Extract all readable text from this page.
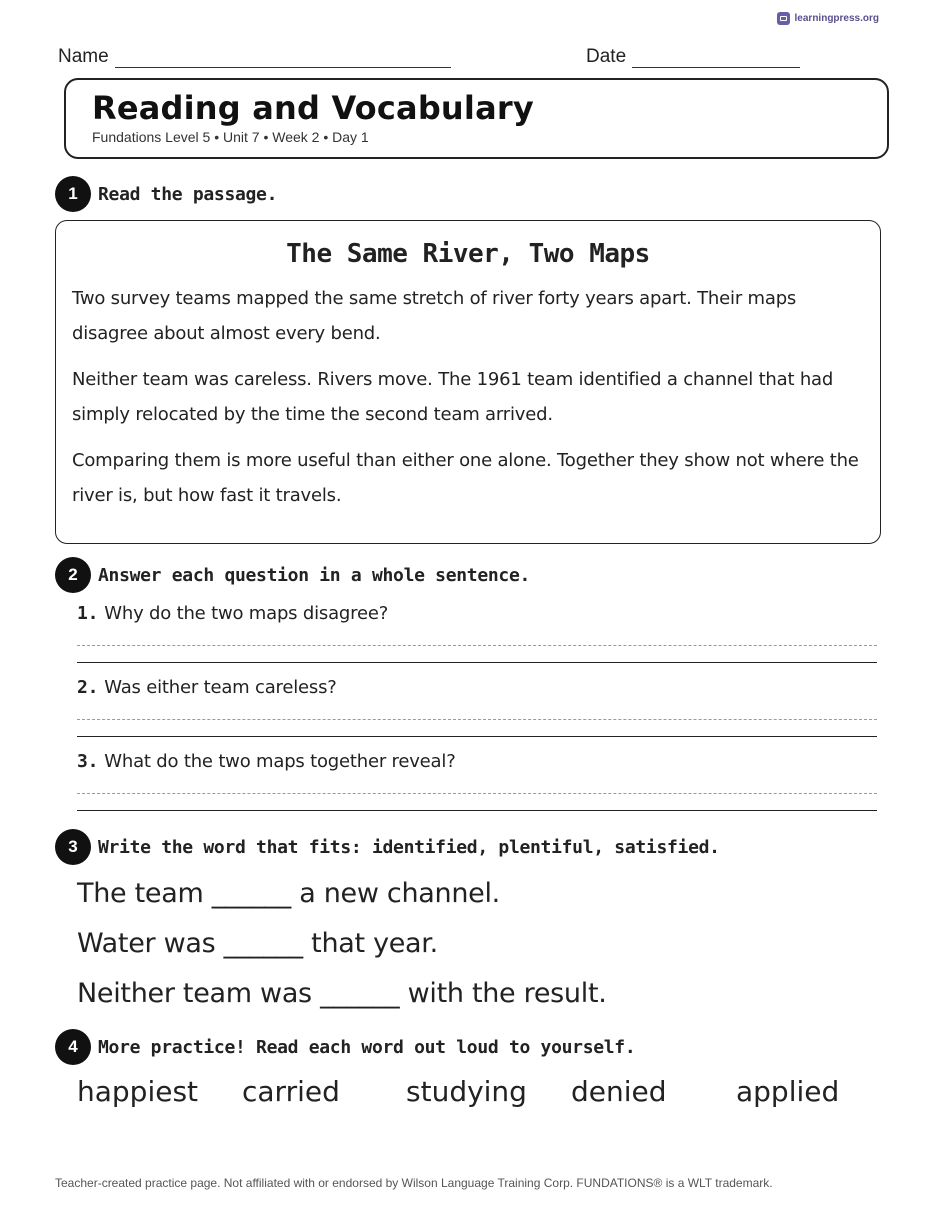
learningpress.org
Name	Date
Reading and Vocabulary
Fundations Level 5 • Unit 7 • Week 2 • Day 1
1	Read the passage.
The Same River, Two Maps

Two survey teams mapped the same stretch of river forty years apart. Their maps disagree about almost every bend.

Neither team was careless. Rivers move. The 1961 team identified a channel that had simply relocated by the time the second team arrived.

Comparing them is more useful than either one alone. Together they show not where the river is, but how fast it travels.

2	Answer each question in a whole sentence.
1. Why do the two maps disagree?
2. Was either team careless?
3. What do the two maps together reveal?
3	Write the word that fits: identified, plentiful, satisfied.
The team ______ a new channel.
Water was ______ that year.
Neither team was ______ with the result.
4	More practice! Read each word out loud to yourself.
happiest carried studying denied applied
Teacher-created practice page. Not affiliated with or endorsed by Wilson Language Training Corp. FUNDATIONS® is a WLT trademark.
